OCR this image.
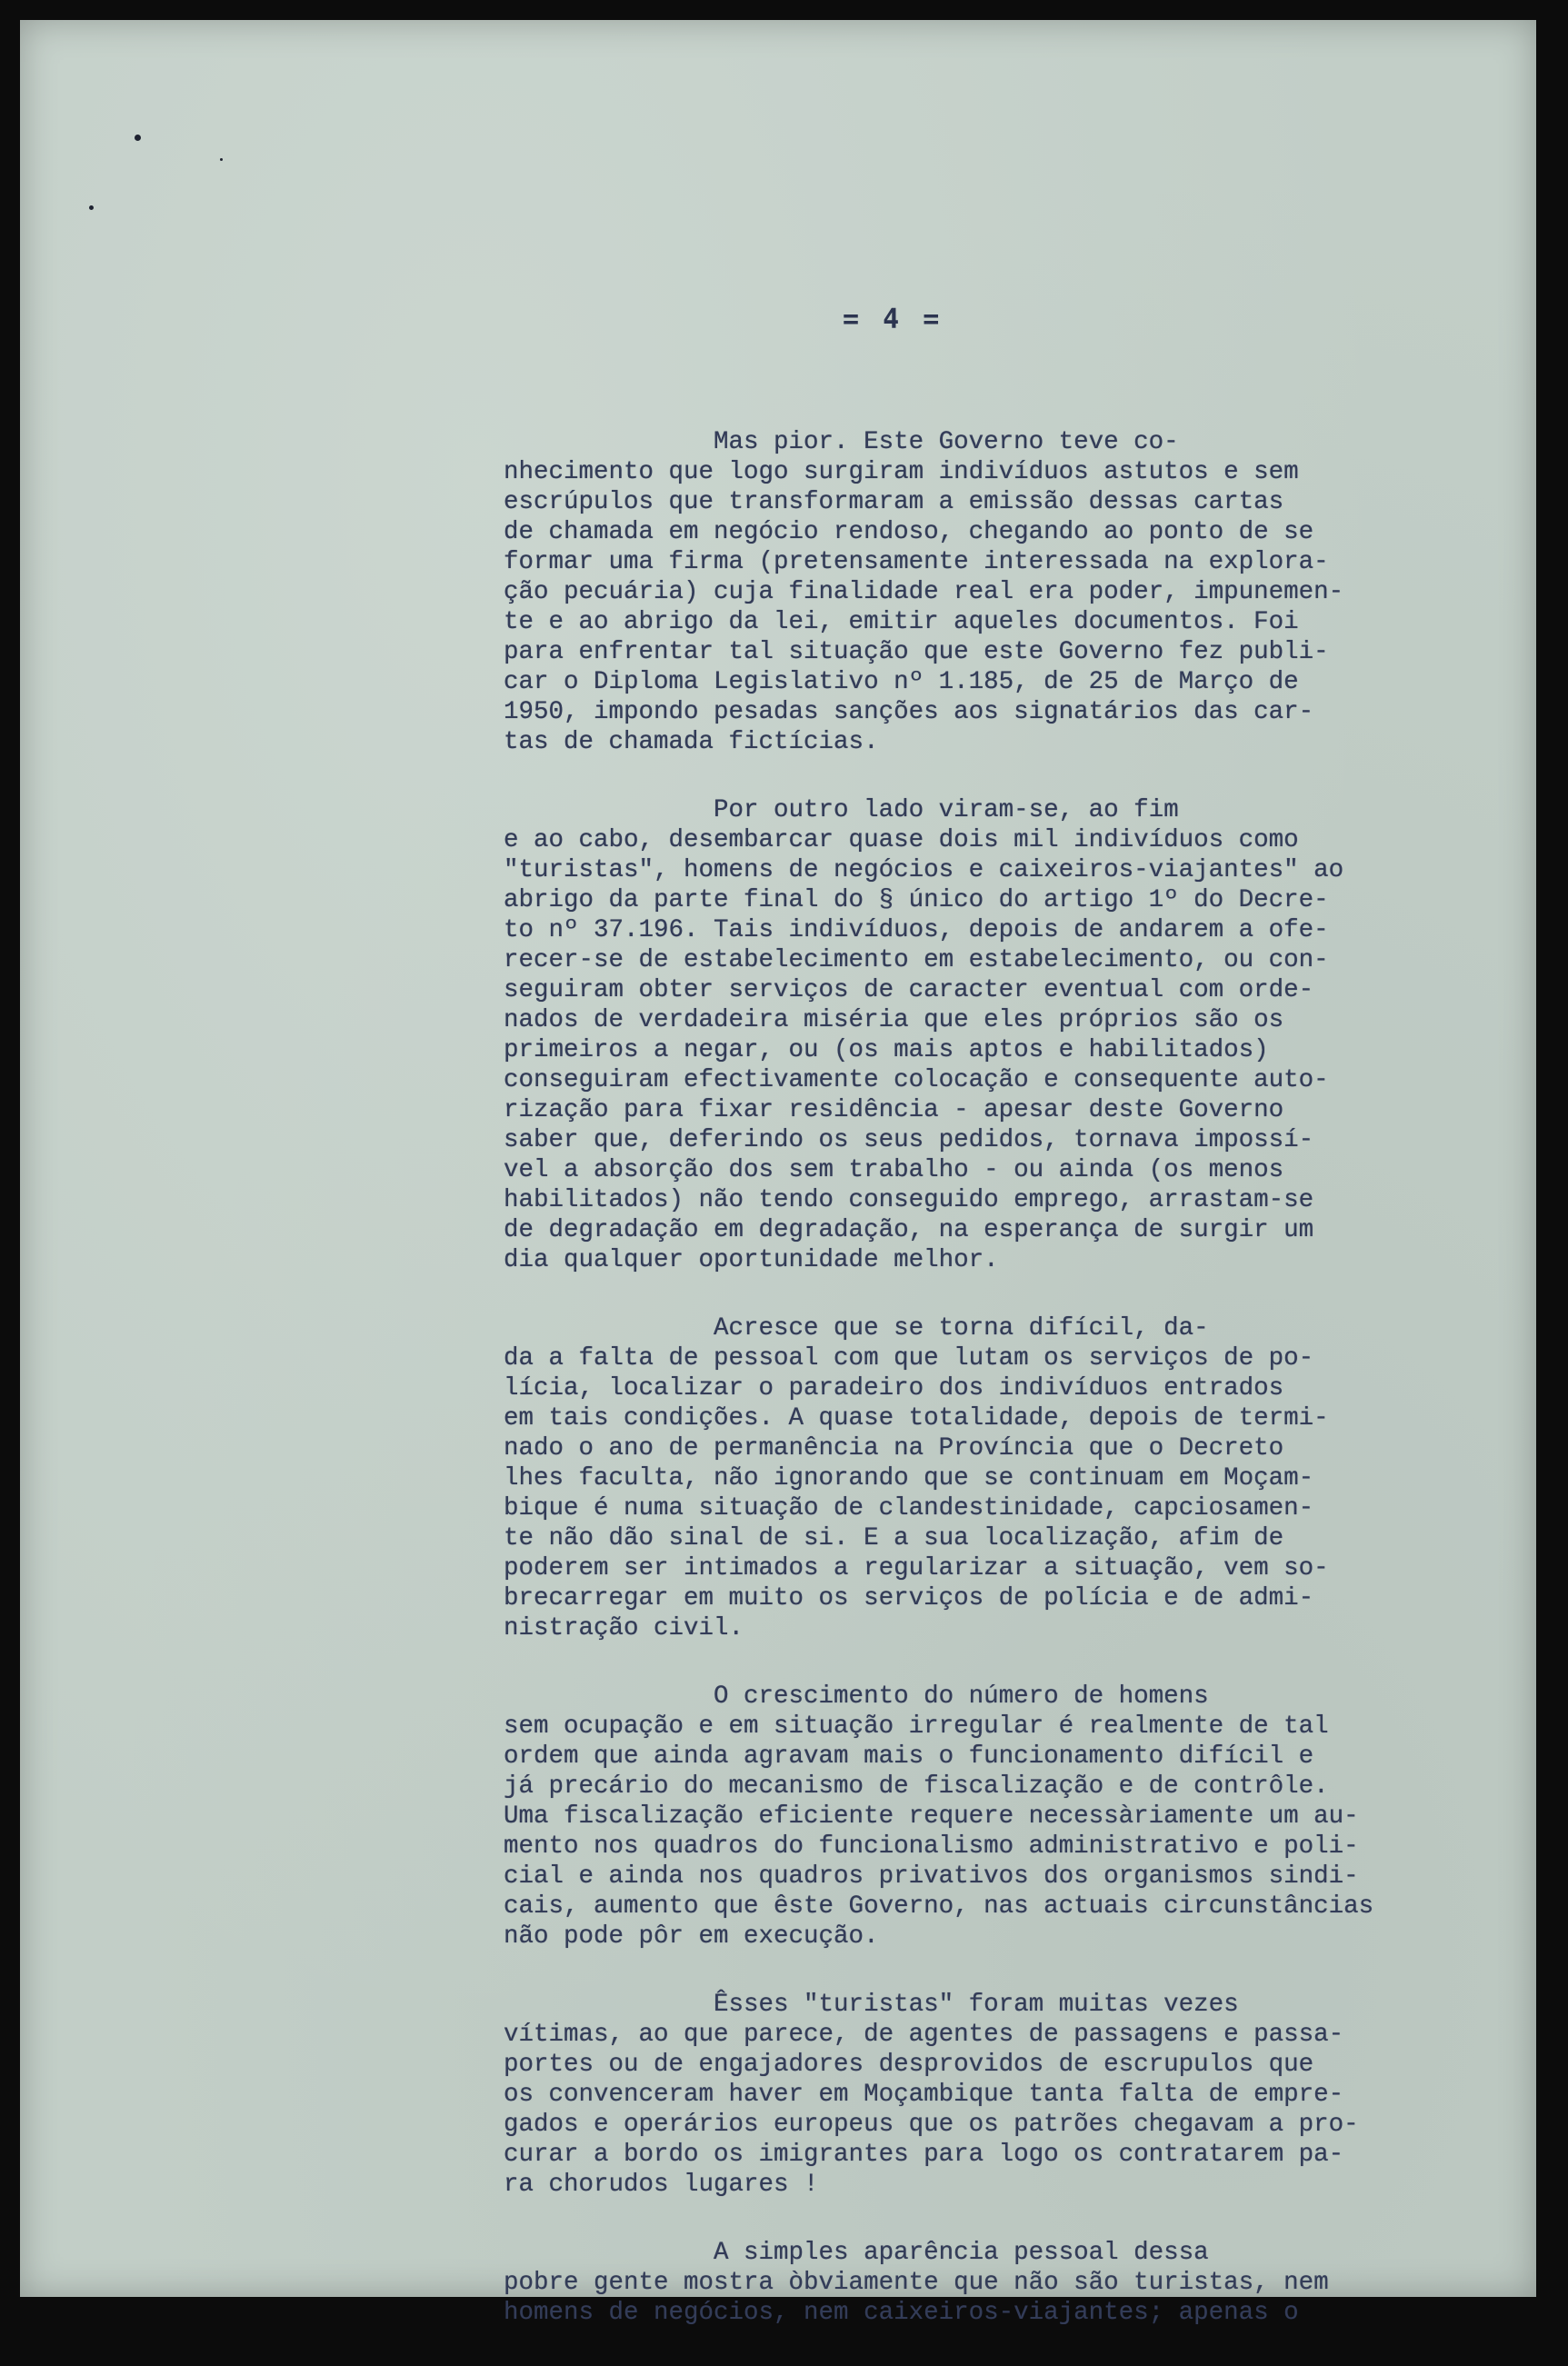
= 4 =
Mas pior. Este Governo teve co-
nhecimento que logo surgiram indivíduos astutos e sem
escrúpulos que transformaram a emissão dessas cartas
de chamada em negócio rendoso, chegando ao ponto de se
formar uma firma (pretensamente interessada na explora-
ção pecuária) cuja finalidade real era poder, impunemen-
te e ao abrigo da lei, emitir aqueles documentos. Foi
para enfrentar tal situação que este Governo fez publi-
car o Diploma Legislativo nº 1.185, de 25 de Março de
1950, impondo pesadas sanções aos signatários das car-
tas de chamada fictícias.
Por outro lado viram-se, ao fim
e ao cabo, desembarcar quase dois mil indivíduos como
"turistas", homens de negócios e caixeiros-viajantes" ao
abrigo da parte final do § único do artigo 1º do Decre-
to nº 37.196. Tais indivíduos, depois de andarem a ofe-
recer-se de estabelecimento em estabelecimento, ou con-
seguiram obter serviços de caracter eventual com orde-
nados de verdadeira miséria que eles próprios são os
primeiros a negar, ou (os mais aptos e habilitados)
conseguiram efectivamente colocação e consequente auto-
rização para fixar residência - apesar deste Governo
saber que, deferindo os seus pedidos, tornava impossí-
vel a absorção dos sem trabalho - ou ainda (os menos
habilitados) não tendo conseguido emprego, arrastam-se
de degradação em degradação, na esperança de surgir um
dia qualquer oportunidade melhor.
Acresce que se torna difícil, da-
da a falta de pessoal com que lutam os serviços de po-
lícia, localizar o paradeiro dos indivíduos entrados
em tais condições. A quase totalidade, depois de termi-
nado o ano de permanência na Província que o Decreto
lhes faculta, não ignorando que se continuam em Moçam-
bique é numa situação de clandestinidade, capciosamen-
te não dão sinal de si. E a sua localização, afim de
poderem ser intimados a regularizar a situação, vem so-
brecarregar em muito os serviços de polícia e de admi-
nistração civil.
O crescimento do número de homens
sem ocupação e em situação irregular é realmente de tal
ordem que ainda agravam mais o funcionamento difícil e
já precário do mecanismo de fiscalização e de contrôle.
Uma fiscalização eficiente requere necessàriamente um au-
mento nos quadros do funcionalismo administrativo e poli-
cial e ainda nos quadros privativos dos organismos sindi-
cais, aumento que êste Governo, nas actuais circunstâncias
não pode pôr em execução.
Êsses "turistas" foram muitas vezes
vítimas, ao que parece, de agentes de passagens e passa-
portes ou de engajadores desprovidos de escrupulos que
os convenceram haver em Moçambique tanta falta de empre-
gados e operários europeus que os patrões chegavam a pro-
curar a bordo os imigrantes para logo os contratarem pa-
ra chorudos lugares !
A simples aparência pessoal dessa
pobre gente mostra òbviamente que não são turistas, nem
homens de negócios, nem caixeiros-viajantes; apenas o
